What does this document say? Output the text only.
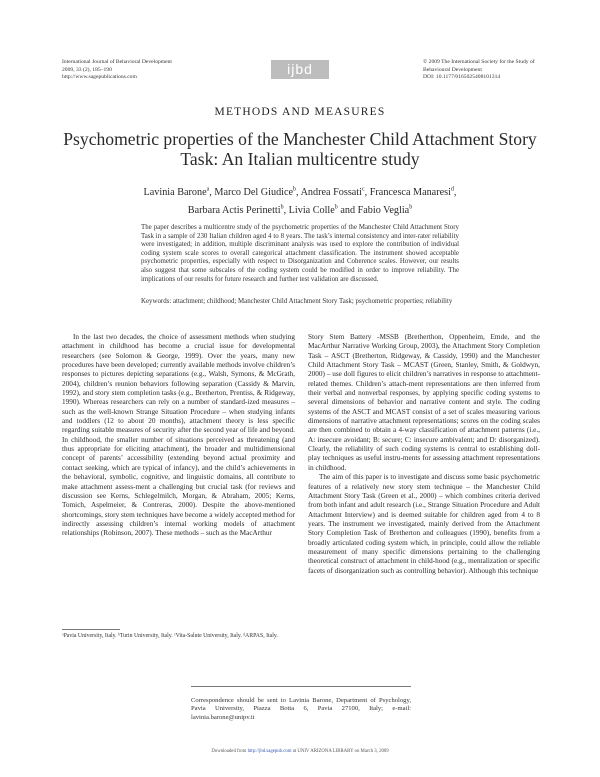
International Journal of Behavioral Development
2009, 33 (2), 185–190
http://www.sagepublications.com
ijbd	© 2009 The International Society for the Study of Behavioural Development
DOI: 10.1177/0165025408101314
METHODS AND MEASURES
Psychometric properties of the Manchester Child Attachment Story Task: An Italian multicentre study
Lavinia Barone$^a$, Marco Del Giudice$^b$, Andrea Fossati$^c$, Francesca Manaresi$^d$,
Barbara Actis Perinetti$^b$, Livia Colle$^b$ and Fabio Veglia$^b$
The paper describes a multicentre study of the psychometric properties of the Manchester Child Attachment Story Task in a sample of 230 Italian children aged 4 to 8 years. The task’s internal consistency and inter-rater reliability were investigated; in addition, multiple discriminant analysis was used to explore the contribution of individual coding system scale scores to overall categorical attachment classification. The instrument showed acceptable psychometric properties, especially with respect to Disorganization and Coherence scales. However, our results also suggest that some subscales of the coding system could be modified in order to improve reliability. The implications of our results for future research and further test validation are discussed.
Keywords: attachment; childhood; Manchester Child Attachment Story Task; psychometric properties; reliability

In the last two decades, the choice of assessment methods when studying attachment in childhood has become a crucial issue for developmental researchers (see Solomon & George, 1999). Over the years, many new procedures have been developed; currently available methods involve children’s responses to pictures depicting separations (e.g., Walsh, Symons, & McGrath, 2004), children’s reunion behaviors following separation (Cassidy & Marvin, 1992), and story stem completion tasks (e.g., Bretherton, Prentiss, & Ridgeway, 1990). Whereas researchers can rely on a number of standard-ized measures – such as the well-known Strange Situation Procedure – when studying infants and toddlers (12 to about 20 months), attachment theory is less specific regarding suitable measures of security after the second year of life and beyond. In childhood, the smaller number of situations perceived as threatening (and thus appropriate for eliciting attachment), the broader and multidimensional concept of parents’ accessibility (extending beyond actual proximity and contact seeking, which are typical of infancy), and the child’s achievements in the behavioral, symbolic, cognitive, and linguistic domains, all contribute to make attachment assess-ment a challenging but crucial task (for reviews and discussion see Kerns, Schlegelmilch, Morgan, & Abraham, 2005; Kerns, Tomich, Aspelmeier, & Contreras, 2000). Despite the above-mentioned shortcomings, story stem techniques have become a widely accepted method for indirectly assessing children’s internal working models of attachment relationships (Robinson, 2007). These methods – such as the MacArthur

Story Stem Battery -MSSB (Bretherthon, Oppenheim, Emde, and the MacArthur Narrative Working Group, 2003), the Attachment Story Completion Task – ASCT (Bretherton, Ridgeway, & Cassidy, 1990) and the Manchester Child Attachment Story Task – MCAST (Green, Stanley, Smith, & Goldwyn, 2000) – use doll figures to elicit children’s narratives in response to attachment-related themes. Children’s attach-ment representations are then inferred from their verbal and nonverbal responses, by applying specific coding systems to several dimensions of behavior and narrative content and style. The coding systems of the ASCT and MCAST consist of a set of scales measuring various dimensions of narrative attachment representations; scores on the coding scales are then combined to obtain a 4-way classification of attachment patterns (i.e., A: insecure avoidant; B: secure; C: insecure ambivalent; and D: disorganized). Clearly, the reliability of such coding systems is central to establishing doll-play techniques as useful instru-ments for assessing attachment representations in childhood.

The aim of this paper is to investigate and discuss some basic psychometric features of a relatively new story stem technique – the Manchester Child Attachment Story Task (Green et al., 2000) – which combines criteria derived from both infant and adult research (i.e., Strange Situation Procedure and Adult Attachment Interview) and is deemed suitable for children aged from 4 to 8 years. The instrument we investigated, mainly derived from the Attachment Story Completion Task of Bretherton and colleagues (1990), benefits from a broadly articulated coding system which, in principle, could allow the reliable measurement of many specific dimensions pertaining to the challenging theoretical construct of attachment in child-hood (e.g., mentalization or specific facets of disorganization such as controlling behavior). Although this technique

ᵃPavia University, Italy. ᵇTurin University, Italy. ᶜVita-Salute University, Italy. ᵈARPAS, Italy.
Correspondence should be sent to Lavinia Barone, Department of Psychology, Pavia University, Piazza Botta 6, Pavia 27100, Italy; e-mail: lavinia.barone@unipv.it
Downloaded from http://jbd.sagepub.com at UNIV ARIZONA LIBRARY on March 3, 2009
